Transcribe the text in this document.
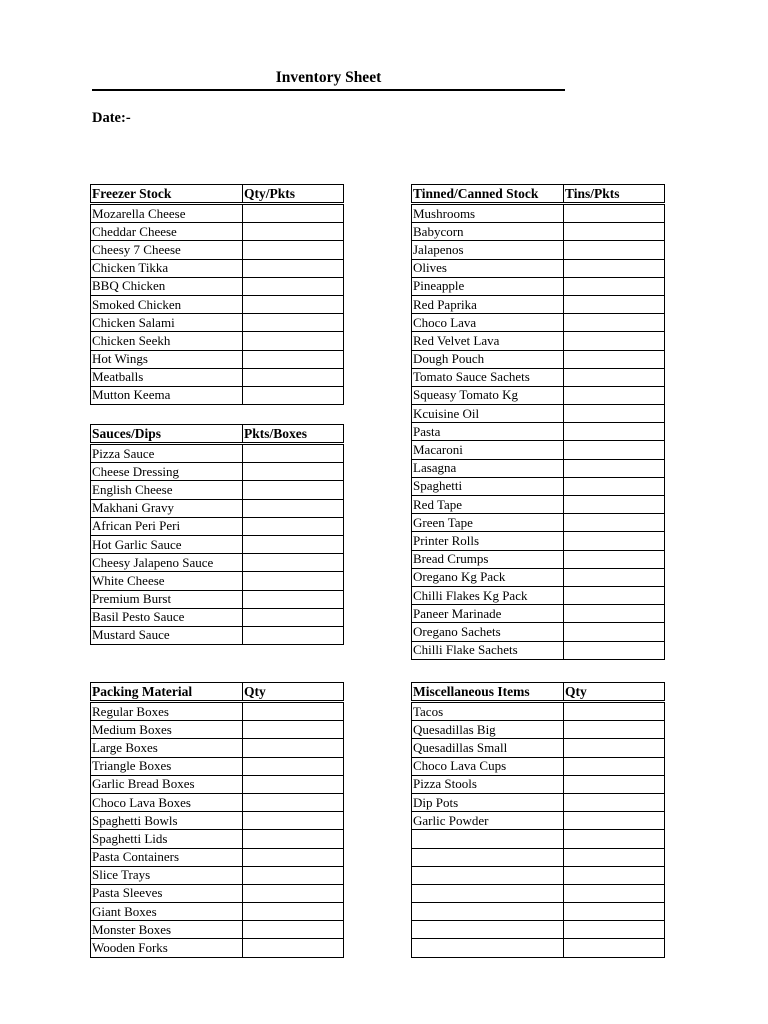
Inventory Sheet
Date:-
Freezer Stock	Qty/Pkts
Mozarella Cheese	
Cheddar Cheese	
Cheesy 7 Cheese	
Chicken Tikka	
BBQ Chicken	
Smoked Chicken	
Chicken Salami	
Chicken Seekh	
Hot Wings	
Meatballs	
Mutton Keema	
Sauces/Dips	Pkts/Boxes
Pizza Sauce	
Cheese Dressing	
English Cheese	
Makhani Gravy	
African Peri Peri	
Hot Garlic Sauce	
Cheesy Jalapeno Sauce	
White Cheese	
Premium Burst	
Basil Pesto Sauce	
Mustard Sauce	
Tinned/Canned Stock	Tins/Pkts
Mushrooms	
Babycorn	
Jalapenos	
Olives	
Pineapple	
Red Paprika	
Choco Lava	
Red Velvet Lava	
Dough Pouch	
Tomato Sauce Sachets	
Squeasy Tomato Kg	
Kcuisine Oil	
Pasta	
Macaroni	
Lasagna	
Spaghetti	
Red Tape	
Green Tape	
Printer Rolls	
Bread Crumps	
Oregano Kg Pack	
Chilli Flakes Kg Pack	
Paneer Marinade	
Oregano Sachets	
Chilli Flake Sachets	
Packing Material	Qty
Regular Boxes	
Medium Boxes	
Large Boxes	
Triangle Boxes	
Garlic Bread Boxes	
Choco Lava Boxes	
Spaghetti Bowls	
Spaghetti Lids	
Pasta Containers	
Slice Trays	
Pasta Sleeves	
Giant Boxes	
Monster Boxes	
Wooden Forks	
Miscellaneous Items	Qty
Tacos	
Quesadillas Big	
Quesadillas Small	
Choco Lava Cups	
Pizza Stools	
Dip Pots	
Garlic Powder	
